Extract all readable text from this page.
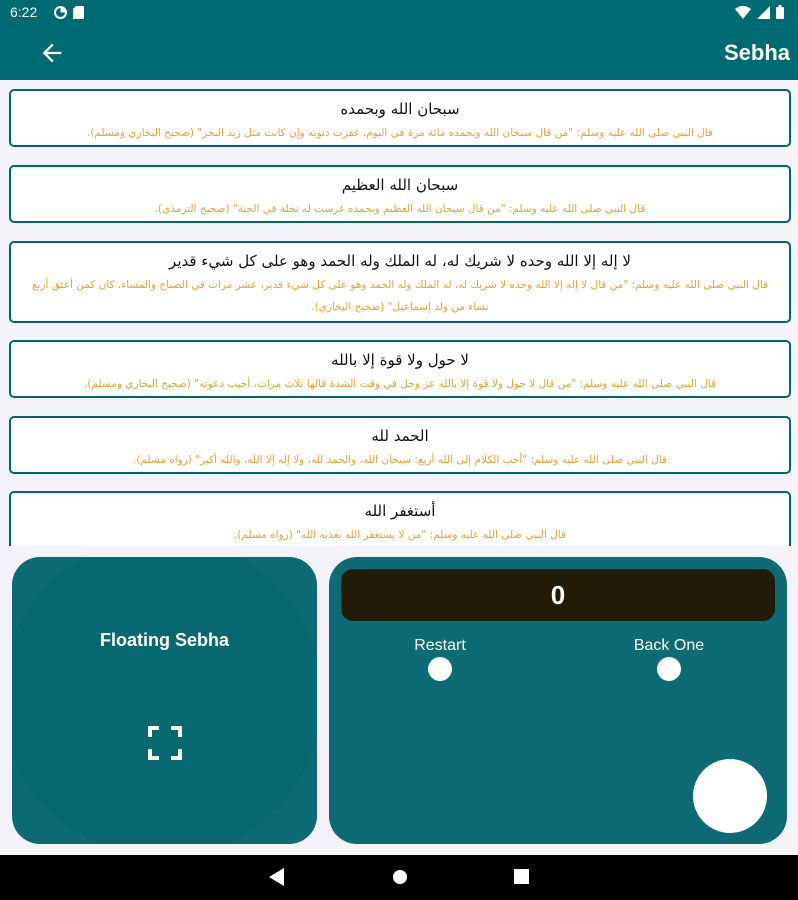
6:22
Sebha
سبحان الله وبحمده
قال النبي صلى الله عليه وسلم: "من قال سبحان الله وبحمده مائة مرة في اليوم، غفرت ذنوبه وإن كانت مثل زبد البحر" (صحيح البخاري ومسلم).
سبحان الله العظيم
قال النبي صلى الله عليه وسلم: "من قال سبحان الله العظيم وبحمده غرست له نخلة في الجنة" (صحيح الترمذي).
لا إله إلا الله وحده لا شريك له، له الملك وله الحمد وهو على كل شيء قدير
قال النبي صلى الله عليه وسلم: "من قال لا إله إلا الله وحده لا شريك له، له الملك وله الحمد وهو على كل شيء قدير، عشر مرات في الصباح والمساء، كان كمن أعتق أربع نساء من ولد إسماعيل" (صحيح البخاري).
لا حول ولا قوة إلا بالله
قال النبي صلى الله عليه وسلم: "من قال لا حول ولا قوة إلا بالله عز وجل في وقت الشدة قالها ثلاث مرات، أجيب دعوته" (صحيح البخاري ومسلم).
الحمد لله
قال النبي صلى الله عليه وسلم: "أحب الكلام إلى الله أربع: سبحان الله، والحمد لله، ولا إله إلا الله، والله أكبر" (رواه مسلم).
أستغفر الله
قال النبي صلى الله عليه وسلم: "من لا يستغفر الله يعذبه الله" (رواه مسلم).
Floating Sebha
0
Restart	Back One
